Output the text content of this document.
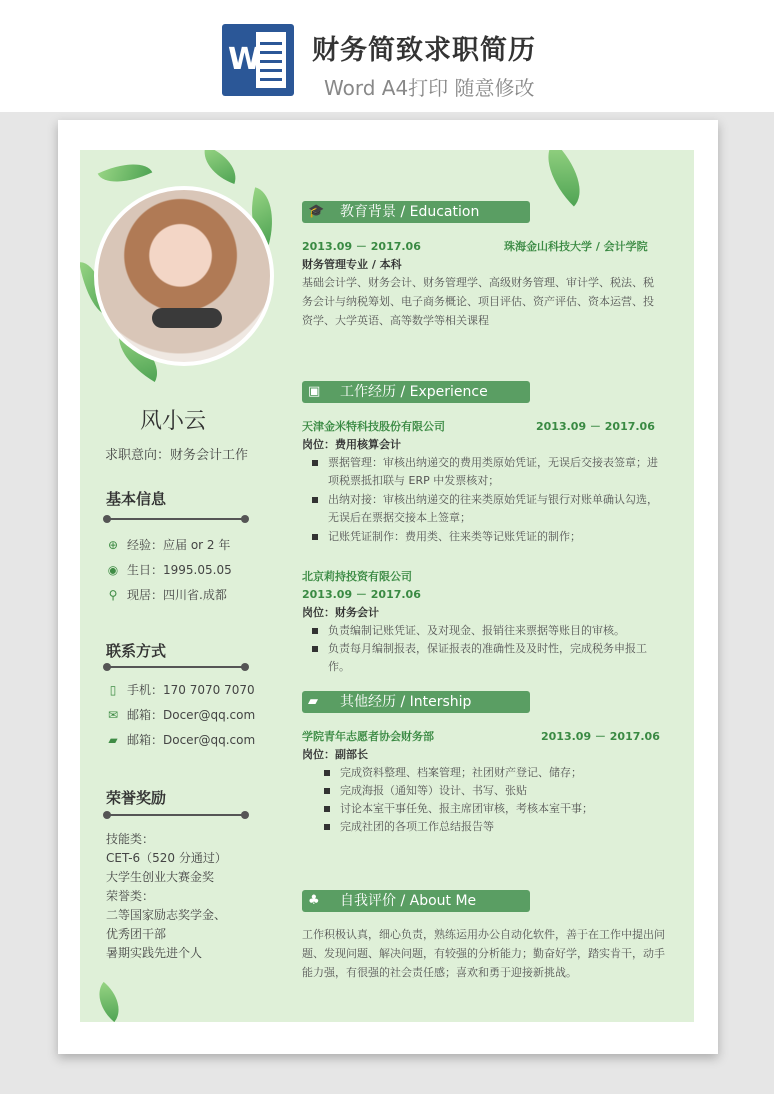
W 财务简致求职简历
Word A4打印 随意修改
风小云
求职意向：财务会计工作
基本信息
⊕ 经验：应届 or 2 年
◉ 生日：1995.05.05
⚲ 现居：四川省.成都
联系方式
▯ 手机：170 7070 7070
✉ 邮箱：Docer@qq.com
▰ 邮箱：Docer@qq.com
荣誉奖励
技能类：
CET-6（520 分通过）
大学生创业大赛金奖
荣誉类：
二等国家励志奖学金、
优秀团干部
暑期实践先进个人
🎓 教育背景 / Education
2013.09 － 2017.06	珠海金山科技大学 / 会计学院
财务管理专业 / 本科
基础会计学、财务会计、财务管理学、高级财务管理、审计学、税法、税务会计与纳税筹划、电子商务概论、项目评估、资产评估、资本运营、投资学、大学英语、高等数学等相关课程
▣ 工作经历 / Experience
天津金米特科技股份有限公司	2013.09 － 2017.06
岗位：费用核算会计
票据管理：审核出纳递交的费用类原始凭证，无误后交接表签章；进项税票抵扣联与 ERP 中发票核对；
出纳对接：审核出纳递交的往来类原始凭证与银行对账单确认勾选，无误后在票据交接本上签章；
记账凭证制作：费用类、往来类等记账凭证的制作；
北京莉持投资有限公司
2013.09 － 2017.06
岗位：财务会计
负责编制记账凭证、及对现金、报销往来票据等账目的审核。
负责每月编制报表，保证报表的准确性及及时性，完成税务申报工作。
▰ 其他经历 / Intership
学院青年志愿者协会财务部	2013.09 － 2017.06
岗位：副部长
完成资料整理、档案管理；社团财产登记、储存；
完成海报（通知等）设计、书写、张贴
讨论本室干事任免、报主席团审核，考核本室干事；
完成社团的各项工作总结报告等
♣ 自我评价 / About Me
工作积极认真，细心负责，熟练运用办公自动化软件，善于在工作中提出问题、发现问题、解决问题，有较强的分析能力；勤奋好学，踏实肯干，动手能力强，有很强的社会责任感；喜欢和勇于迎接新挑战。
